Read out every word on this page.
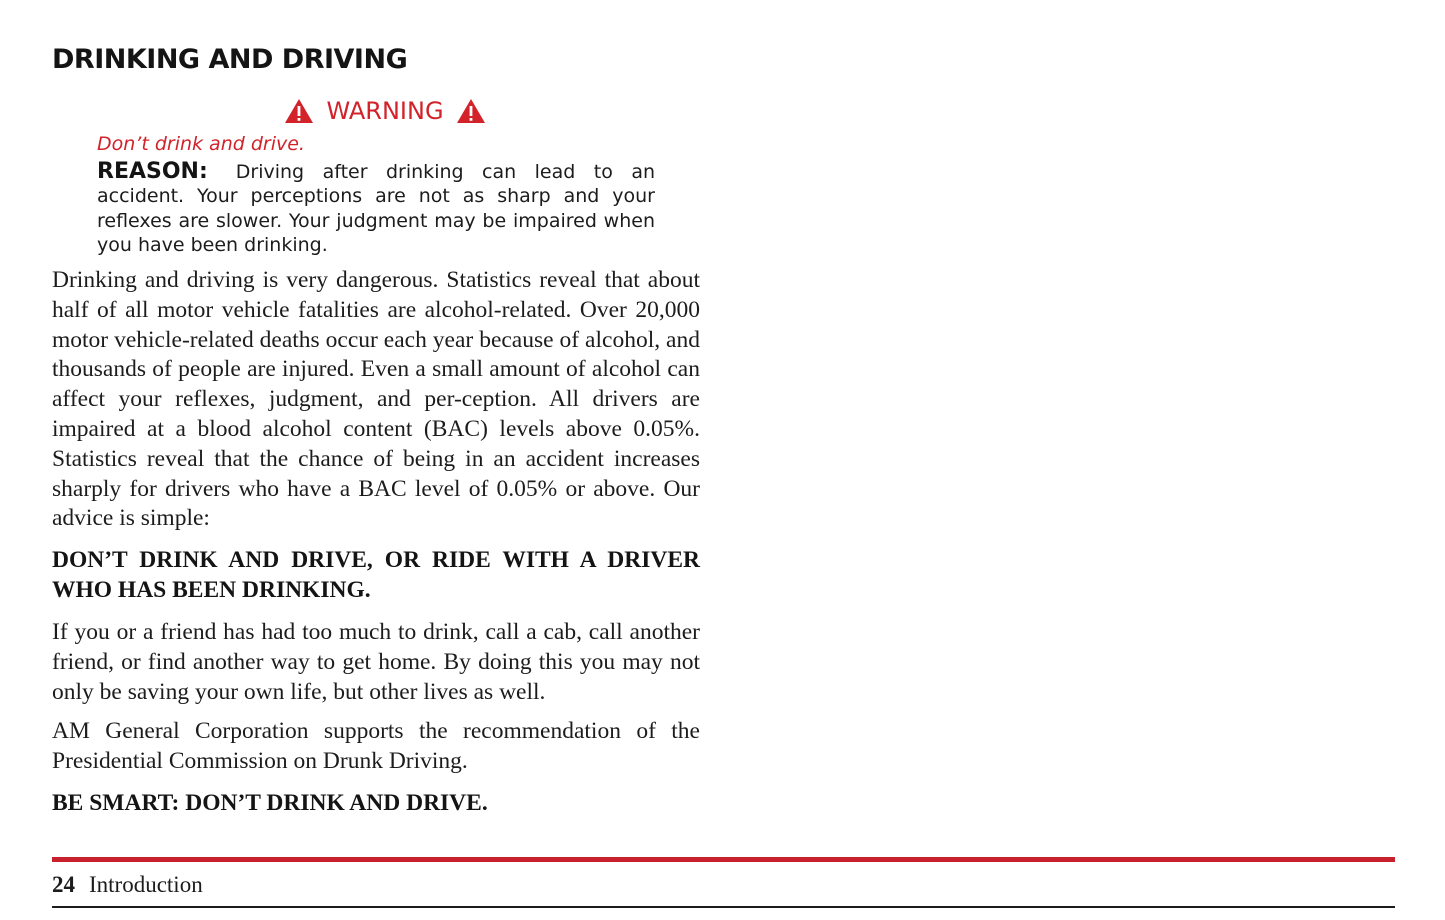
DRINKING AND DRIVING
WARNING

Don’t drink and drive.

REASON: Driving after drinking can lead to an accident. Your perceptions are not as sharp and your reflexes are slower. Your judgment may be impaired when you have been drinking.

Drinking and driving is very dangerous. Statistics reveal that about half of all motor vehicle fatalities are alcohol-related. Over 20,000 motor vehicle-related deaths occur each year because of alcohol, and thousands of people are injured. Even a small amount of alcohol can affect your reflexes, judgment, and per-ception. All drivers are impaired at a blood alcohol content (BAC) levels above 0.05%. Statistics reveal that the chance of being in an accident increases sharply for drivers who have a BAC level of 0.05% or above. Our advice is simple:

DON’T DRINK AND DRIVE, OR RIDE WITH A DRIVER WHO HAS BEEN DRINKING.

If you or a friend has had too much to drink, call a cab, call another friend, or find another way to get home. By doing this you may not only be saving your own life, but other lives as well.

AM General Corporation supports the recommendation of the Presidential Commission on Drunk Driving.

BE SMART: DON’T DRINK AND DRIVE.

24 Introduction
